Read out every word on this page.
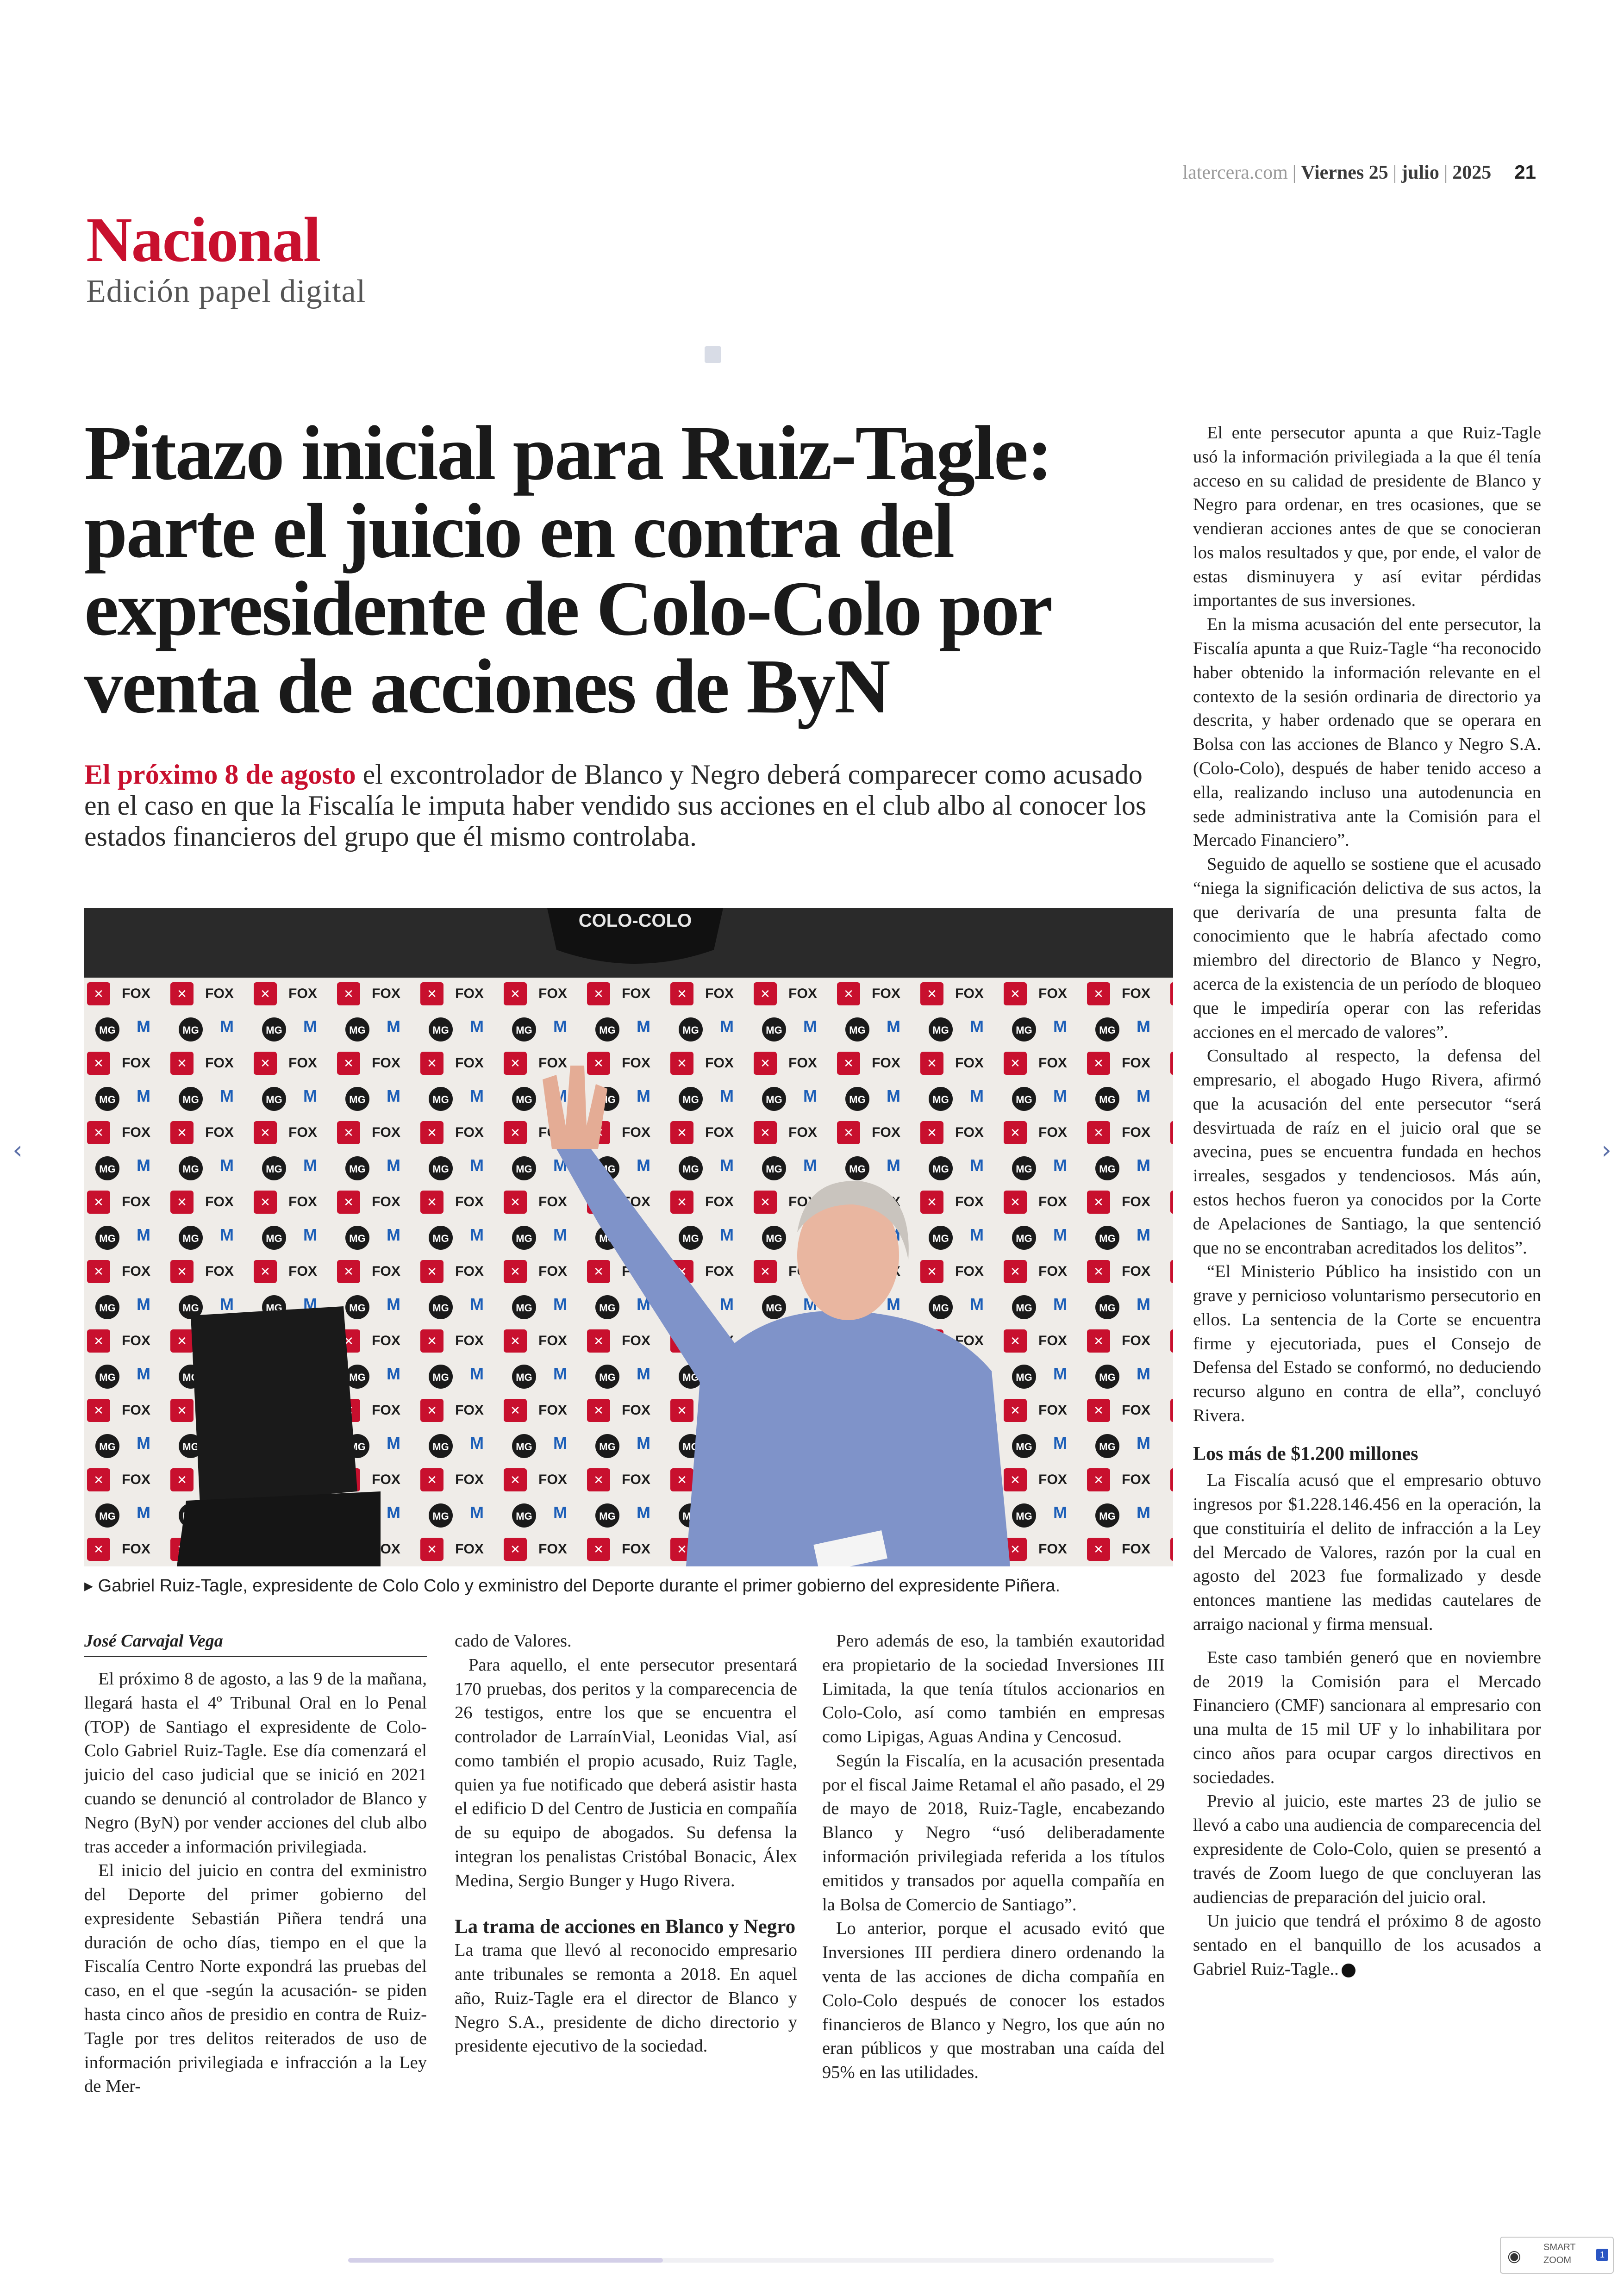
latercera.com | Viernes 25 | julio | 2025 21
Nacional
Edición papel digital
Pitazo inicial para Ruiz-Tagle: parte el juicio en contra del expresidente de Colo-Colo por venta de acciones de ByN
El próximo 8 de agosto el excontrolador de Blanco y Negro deberá comparecer como acusado en el caso en que la Fiscalía le imputa haber vendido sus acciones en el club albo al conocer los estados financieros del grupo que él mismo controlaba.
COLO-COLO
▸ Gabriel Ruiz-Tagle, expresidente de Colo Colo y exministro del Deporte durante el primer gobierno del expresidente Piñera.

El ente persecutor apunta a que Ruiz-Tagle usó la información privilegiada a la que él tenía acceso en su calidad de presidente de Blanco y Negro para ordenar, en tres ocasiones, que se vendieran acciones antes de que se conocieran los malos resultados y que, por ende, el valor de estas disminuyera y así evitar pérdidas importantes de sus inversiones.

En la misma acusación del ente persecutor, la Fiscalía apunta a que Ruiz-Tagle “ha reconocido haber obtenido la información relevante en el contexto de la sesión ordinaria de directorio ya descrita, y haber ordenado que se operara en Bolsa con las acciones de Blanco y Negro S.A. (Colo-Colo), después de haber tenido acceso a ella, realizando incluso una autodenuncia en sede administrativa ante la Comisión para el Mercado Financiero”.

Seguido de aquello se sostiene que el acusado “niega la significación delictiva de sus actos, la que derivaría de una presunta falta de conocimiento que le habría afectado como miembro del directorio de Blanco y Negro, acerca de la existencia de un período de bloqueo que le impediría operar con las referidas acciones en el mercado de valores”.

Consultado al respecto, la defensa del empresario, el abogado Hugo Rivera, afirmó que la acusación del ente persecutor “será desvirtuada de raíz en el juicio oral que se avecina, pues se encuentra fundada en hechos irreales, sesgados y tendenciosos. Más aún, estos hechos fueron ya conocidos por la Corte de Apelaciones de Santiago, la que sentenció que no se encontraban acreditados los delitos”.

“El Ministerio Público ha insistido con un grave y pernicioso voluntarismo persecutorio en ellos. La sentencia de la Corte se encuentra firme y ejecutoriada, pues el Consejo de Defensa del Estado se conformó, no deduciendo recurso alguno en contra de ella”, concluyó Rivera.

Los más de $1.200 millones

La Fiscalía acusó que el empresario obtuvo ingresos por $1.228.146.456 en la operación, la que constituiría el delito de infracción a la Ley del Mercado de Valores, razón por la cual en agosto del 2023 fue formalizado y desde entonces mantiene las medidas cautelares de arraigo nacional y firma mensual.

Este caso también generó que en noviembre de 2019 la Comisión para el Mercado Financiero (CMF) sancionara al empresario con una multa de 15 mil UF y lo inhabilitara por cinco años para ocupar cargos directivos en sociedades.

Previo al juicio, este martes 23 de julio se llevó a cabo una audiencia de comparecencia del expresidente de Colo-Colo, quien se presentó a través de Zoom luego de que concluyeran las audiencias de preparación del juicio oral.

Un juicio que tendrá el próximo 8 de agosto sentado en el banquillo de los acusados a Gabriel Ruiz-Tagle..

José Carvajal Vega

El próximo 8 de agosto, a las 9 de la mañana, llegará hasta el 4º Tribunal Oral en lo Penal (TOP) de Santiago el expresidente de Colo-Colo Gabriel Ruiz-Tagle. Ese día comenzará el juicio del caso judicial que se inició en 2021 cuando se denunció al controlador de Blanco y Negro (ByN) por vender acciones del club albo tras acceder a información privilegiada.

El inicio del juicio en contra del exministro del Deporte del primer gobierno del expresidente Sebastián Piñera tendrá una duración de ocho días, tiempo en el que la Fiscalía Centro Norte expondrá las pruebas del caso, en el que -según la acusación- se piden hasta cinco años de presidio en contra de Ruiz-Tagle por tres delitos reiterados de uso de información privilegiada e infracción a la Ley de Mer-

cado de Valores.

Para aquello, el ente persecutor presentará 170 pruebas, dos peritos y la comparecencia de 26 testigos, entre los que se encuentra el controlador de LarraínVial, Leonidas Vial, así como también el propio acusado, Ruiz Tagle, quien ya fue notificado que deberá asistir hasta el edificio D del Centro de Justicia en compañía de su equipo de abogados. Su defensa la integran los penalistas Cristóbal Bonacic, Álex Medina, Sergio Bunger y Hugo Rivera.

La trama de acciones en Blanco y Negro

La trama que llevó al reconocido empresario ante tribunales se remonta a 2018. En aquel año, Ruiz-Tagle era el director de Blanco y Negro S.A., presidente de dicho directorio y presidente ejecutivo de la sociedad.

Pero además de eso, la también exautoridad era propietario de la sociedad Inversiones III Limitada, la que tenía títulos accionarios en Colo-Colo, así como también en empresas como Lipigas, Aguas Andina y Cencosud.

Según la Fiscalía, en la acusación presentada por el fiscal Jaime Retamal el año pasado, el 29 de mayo de 2018, Ruiz-Tagle, encabezando Blanco y Negro “usó deliberadamente información privilegiada referida a los títulos emitidos y transados por aquella compañía en la Bolsa de Comercio de Santiago”.

Lo anterior, porque el acusado evitó que Inversiones III perdiera dinero ordenando la venta de las acciones de dicha compañía en Colo-Colo después de conocer los estados financieros de Blanco y Negro, los que aún no eran públicos y que mostraban una caída del 95% en las utilidades.

‹	›
◉ SMART
ZOOM
1
